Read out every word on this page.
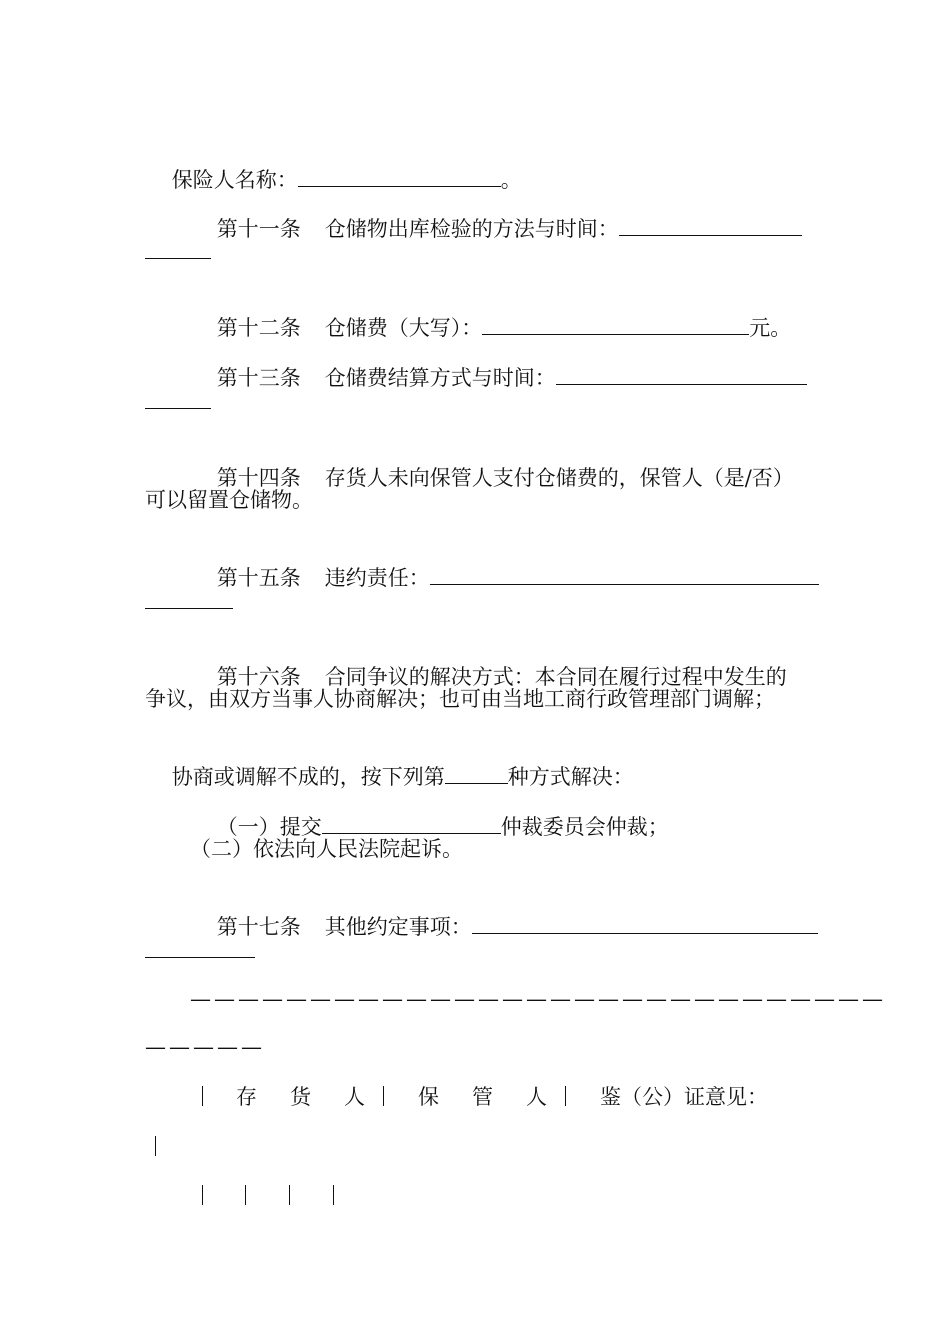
保险人名称：	。

第十一条 仓储物出库检验的方法与时间：

第十二条 仓储费（大写）：	元。

第十三条 仓储费结算方式与时间：

第十四条 存货人未向保管人支付仓储费的，保管人（是/否）

可以留置仓储物。

第十五条 违约责任：

第十六条 合同争议的解决方式：本合同在履行过程中发生的

争议，由双方当事人协商解决；也可由当地工商行政管理部门调解；

协商或调解不成的，按下列第	种方式解决：

（一）提交	仲裁委员会仲裁；

（二）依法向人民法院起诉。

第十七条 其他约定事项：

—————————————————————————————
—————
存　货　人 保　管　人 鉴（公）证意见：
